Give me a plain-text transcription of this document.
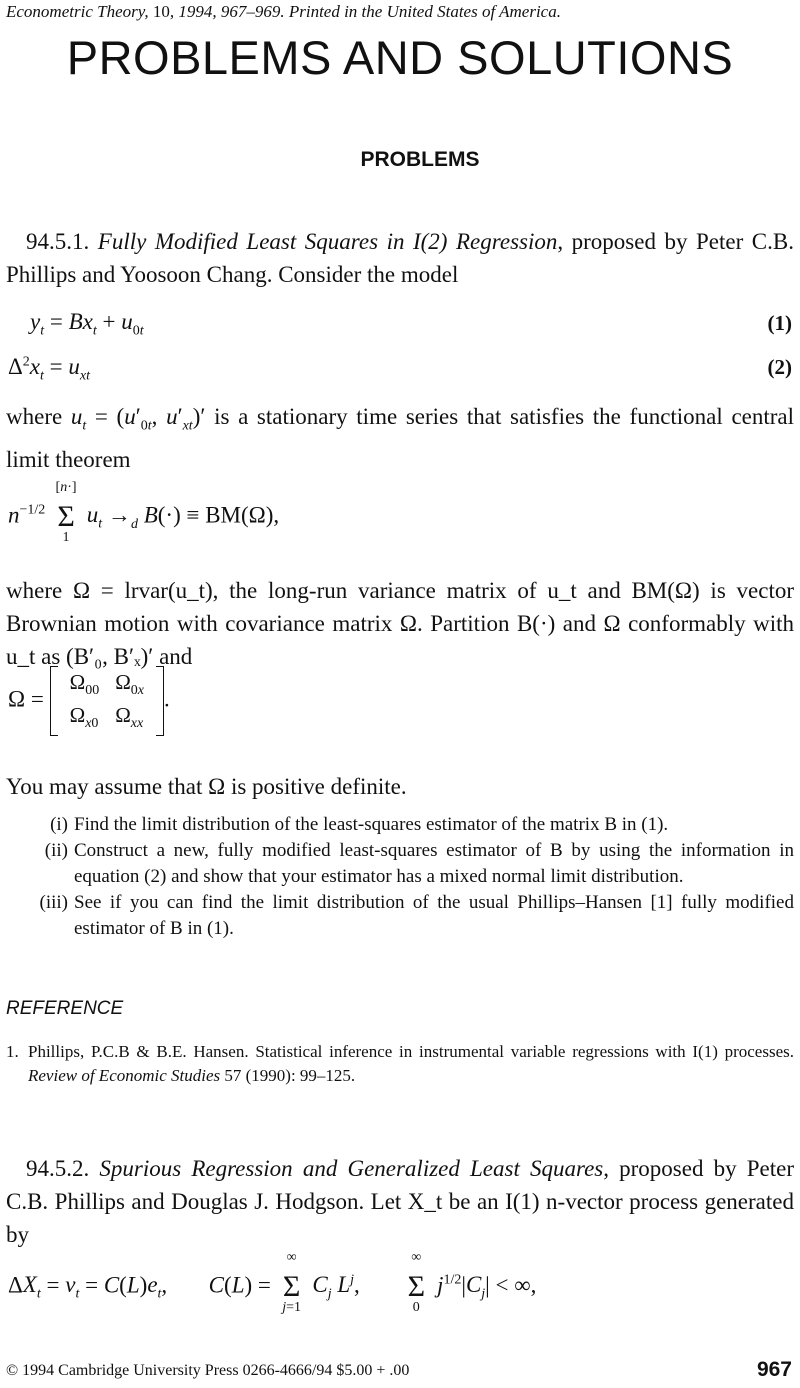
Econometric Theory, 10, 1994, 967–969. Printed in the United States of America.
PROBLEMS AND SOLUTIONS
PROBLEMS
94.5.1. Fully Modified Least Squares in I(2) Regression, proposed by Peter C.B. Phillips and Yoosoon Chang. Consider the model
$y_t = Bx_t + u_{0t}$	(1)
$\Delta^2x_t = u_{xt}$	(2)
where $u_t = (u'_{0t}$, $u'_{xt})'$ is a stationary time series that satisfies the functional central limit theorem
$n^{-1/2}$
[n·]
Σ
1
$u_t \to_d$ B(·) ≡ BM(Ω),
where Ω = lrvar(u_t), the long-run variance matrix of u_t and BM(Ω) is vector Brownian motion with covariance matrix Ω. Partition B(·) and Ω conformably with u_t as (B′₀, B′ₓ)′ and
Ω =
$\Omega_{00}$	$\Omega_{0x}$
$\Omega_{x0}$	$\Omega_{xx}$
.
You may assume that Ω is positive definite.
(i) Find the limit distribution of the least-squares estimator of the matrix B in (1).
(ii) Construct a new, fully modified least-squares estimator of B by using the information in equation (2) and show that your estimator has a mixed normal limit distribution.
(iii) See if you can find the limit distribution of the usual Phillips–Hansen [1] fully modified estimator of B in (1).
REFERENCE
1. Phillips, P.C.B & B.E. Hansen. Statistical inference in instrumental variable regressions with I(1) processes. Review of Economic Studies 57 (1990): 99–125.
94.5.2. Spurious Regression and Generalized Least Squares, proposed by Peter C.B. Phillips and Douglas J. Hodgson. Let X_t be an I(1) n-vector process generated by
$\Delta X_t = v_t = C(L)e_t$,  C(L) =
∞
Σ
j=1
$C_j$ $L^j$,
∞
Σ
0
$j^{1/2}|C_j|$ < ∞,
© 1994 Cambridge University Press 0266-4666/94 $5.00 + .00	967
